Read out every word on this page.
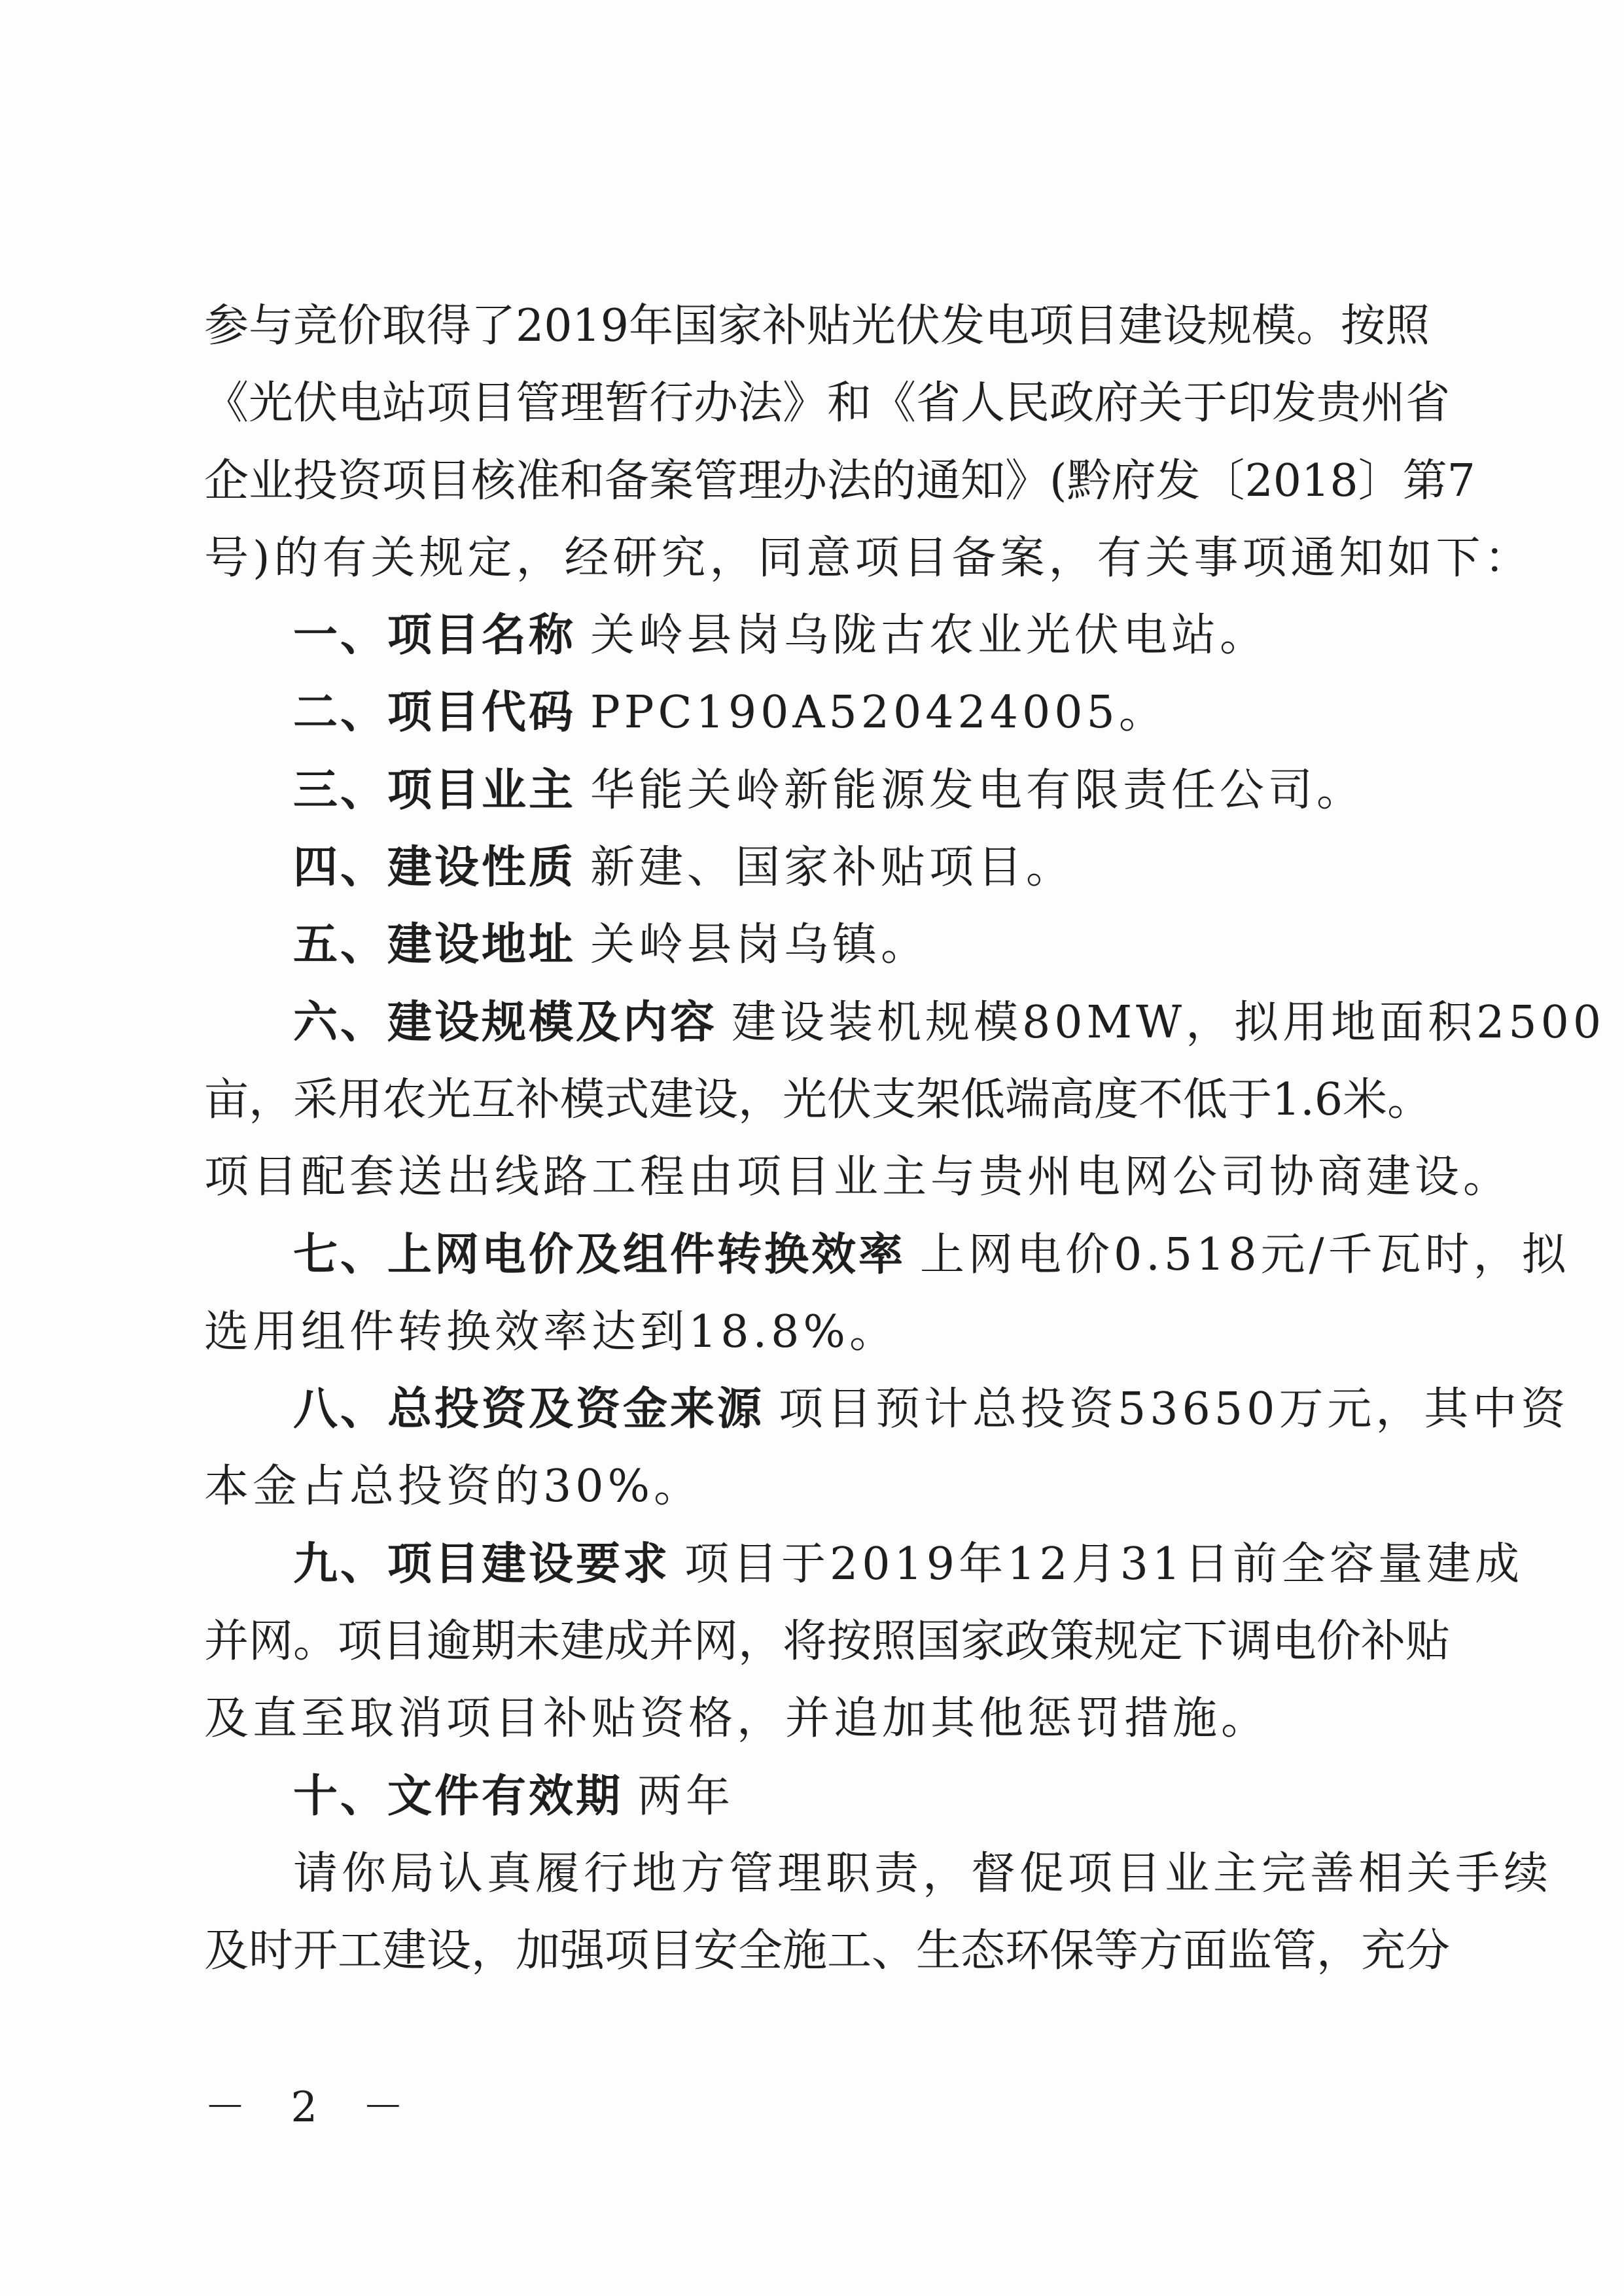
参与竞价取得了2019年国家补贴光伏发电项目建设规模。按照
《光伏电站项目管理暂行办法》和《省人民政府关于印发贵州省
企业投资项目核准和备案管理办法的通知》(黔府发〔2018〕第7
号)的有关规定，经研究，同意项目备案，有关事项通知如下：
一、项目名称 关岭县岗乌陇古农业光伏电站。
二、项目代码 PPC190A520424005。
三、项目业主 华能关岭新能源发电有限责任公司。
四、建设性质 新建、国家补贴项目。
五、建设地址 关岭县岗乌镇。
六、建设规模及内容 建设装机规模80MW，拟用地面积2500
亩，采用农光互补模式建设，光伏支架低端高度不低于1.6米。
项目配套送出线路工程由项目业主与贵州电网公司协商建设。
七、上网电价及组件转换效率 上网电价0.518元/千瓦时，拟
选用组件转换效率达到18.8%。
八、总投资及资金来源 项目预计总投资53650万元，其中资
本金占总投资的30%。
九、项目建设要求 项目于2019年12月31日前全容量建成
并网。项目逾期未建成并网，将按照国家政策规定下调电价补贴
及直至取消项目补贴资格，并追加其他惩罚措施。
十、文件有效期 两年
请你局认真履行地方管理职责，督促项目业主完善相关手续
及时开工建设，加强项目安全施工、生态环保等方面监管，充分
－ 2 －
